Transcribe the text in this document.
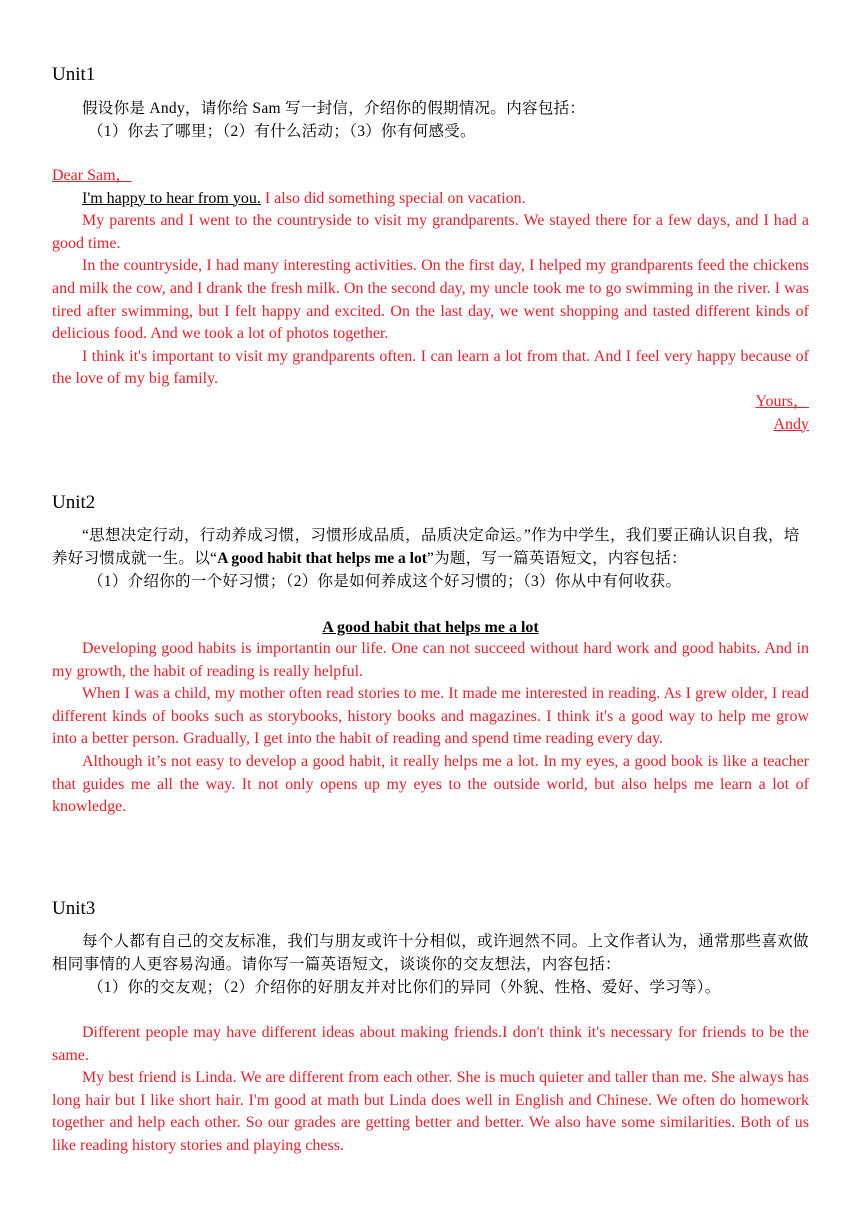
Unit1
假设你是 Andy，请你给 Sam 写一封信，介绍你的假期情况。内容包括：
（1）你去了哪里；（2）有什么活动；（3）你有何感受。

Dear Sam，

I'm happy to hear from you. I also did something special on vacation.

My parents and I went to the countryside to visit my grandparents. We stayed there for a few days, and I had a good time.

In the countryside, I had many interesting activities. On the first day, I helped my grandparents feed the chickens and milk the cow, and I drank the fresh milk. On the second day, my uncle took me to go swimming in the river. I was tired after swimming, but I felt happy and excited. On the last day, we went shopping and tasted different kinds of delicious food. And we took a lot of photos together.

I think it's important to visit my grandparents often. I can learn a lot from that. And I feel very happy because of the love of my big family.

Yours，

Andy

Unit2
“思想决定行动，行动养成习惯，习惯形成品质，品质决定命运。”作为中学生，我们要正确认识自我，培养好习惯成就一生。以“A good habit that helps me a lot”为题，写一篇英语短文，内容包括：
（1）介绍你的一个好习惯；（2）你是如何养成这个好习惯的；（3）你从中有何收获。
A good habit that helps me a lot

Developing good habits is importantin our life. One can not succeed without hard work and good habits. And in my growth, the habit of reading is really helpful.

When I was a child, my mother often read stories to me. It made me interested in reading. As I grew older, I read different kinds of books such as storybooks, history books and magazines. I think it's a good way to help me grow into a better person. Gradually, I get into the habit of reading and spend time reading every day.

Although it’s not easy to develop a good habit, it really helps me a lot. In my eyes, a good book is like a teacher that guides me all the way. It not only opens up my eyes to the outside world, but also helps me learn a lot of knowledge.

Unit3
每个人都有自己的交友标准，我们与朋友或许十分相似，或许迥然不同。上文作者认为，通常那些喜欢做相同事情的人更容易沟通。请你写一篇英语短文，谈谈你的交友想法，内容包括：
（1）你的交友观；（2）介绍你的好朋友并对比你们的异同（外貌、性格、爱好、学习等）。

Different people may have different ideas about making friends.I don't think it's necessary for friends to be the same.

My best friend is Linda. We are different from each other. She is much quieter and taller than me. She always has long hair but I like short hair. I'm good at math but Linda does well in English and Chinese. We often do homework together and help each other. So our grades are getting better and better. We also have some similarities. Both of us like reading history stories and playing chess.
